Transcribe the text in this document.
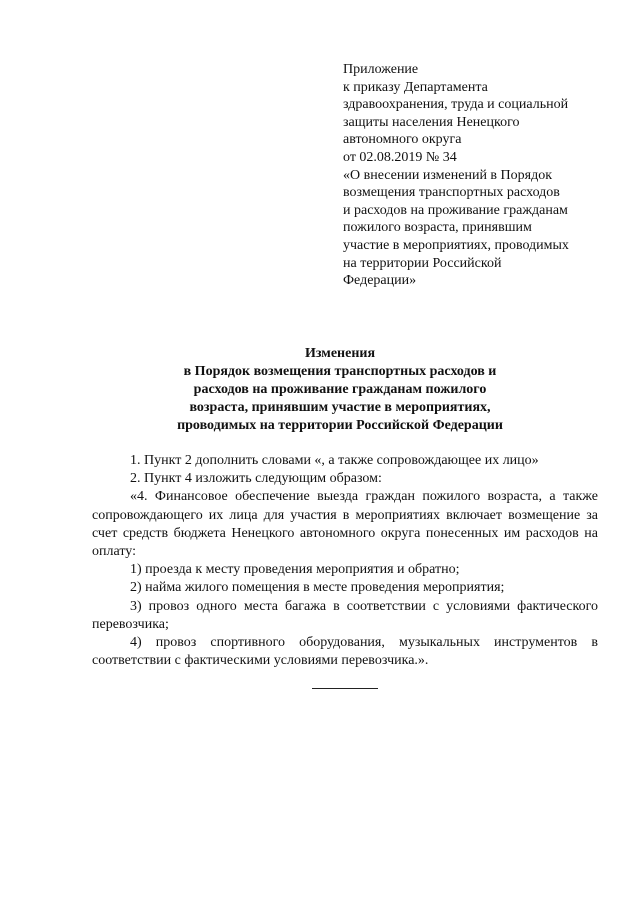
Приложение
к приказу Департамента
здравоохранения, труда и социальной
защиты населения Ненецкого
автономного округа
от 02.08.2019 № 34
«О внесении изменений в Порядок
возмещения транспортных расходов
и расходов на проживание гражданам
пожилого возраста, принявшим
участие в мероприятиях, проводимых
на территории Российской
Федерации»
Изменения
в Порядок возмещения транспортных расходов и
расходов на проживание гражданам пожилого
возраста, принявшим участие в мероприятиях,
проводимых на территории Российской Федерации
1. Пункт 2 дополнить словами «, а также сопровождающее их лицо»
2. Пункт 4 изложить следующим образом:
«4. Финансовое обеспечение выезда граждан пожилого возраста, а также сопровождающего их лица для участия в мероприятиях включает возмещение за счет средств бюджета Ненецкого автономного округа понесенных им расходов на оплату:
1) проезда к месту проведения мероприятия и обратно;
2) найма жилого помещения в месте проведения мероприятия;
3) провоз одного места багажа в соответствии с условиями фактического перевозчика;
4) провоз спортивного оборудования, музыкальных инструментов в соответствии с фактическими условиями перевозчика.».
